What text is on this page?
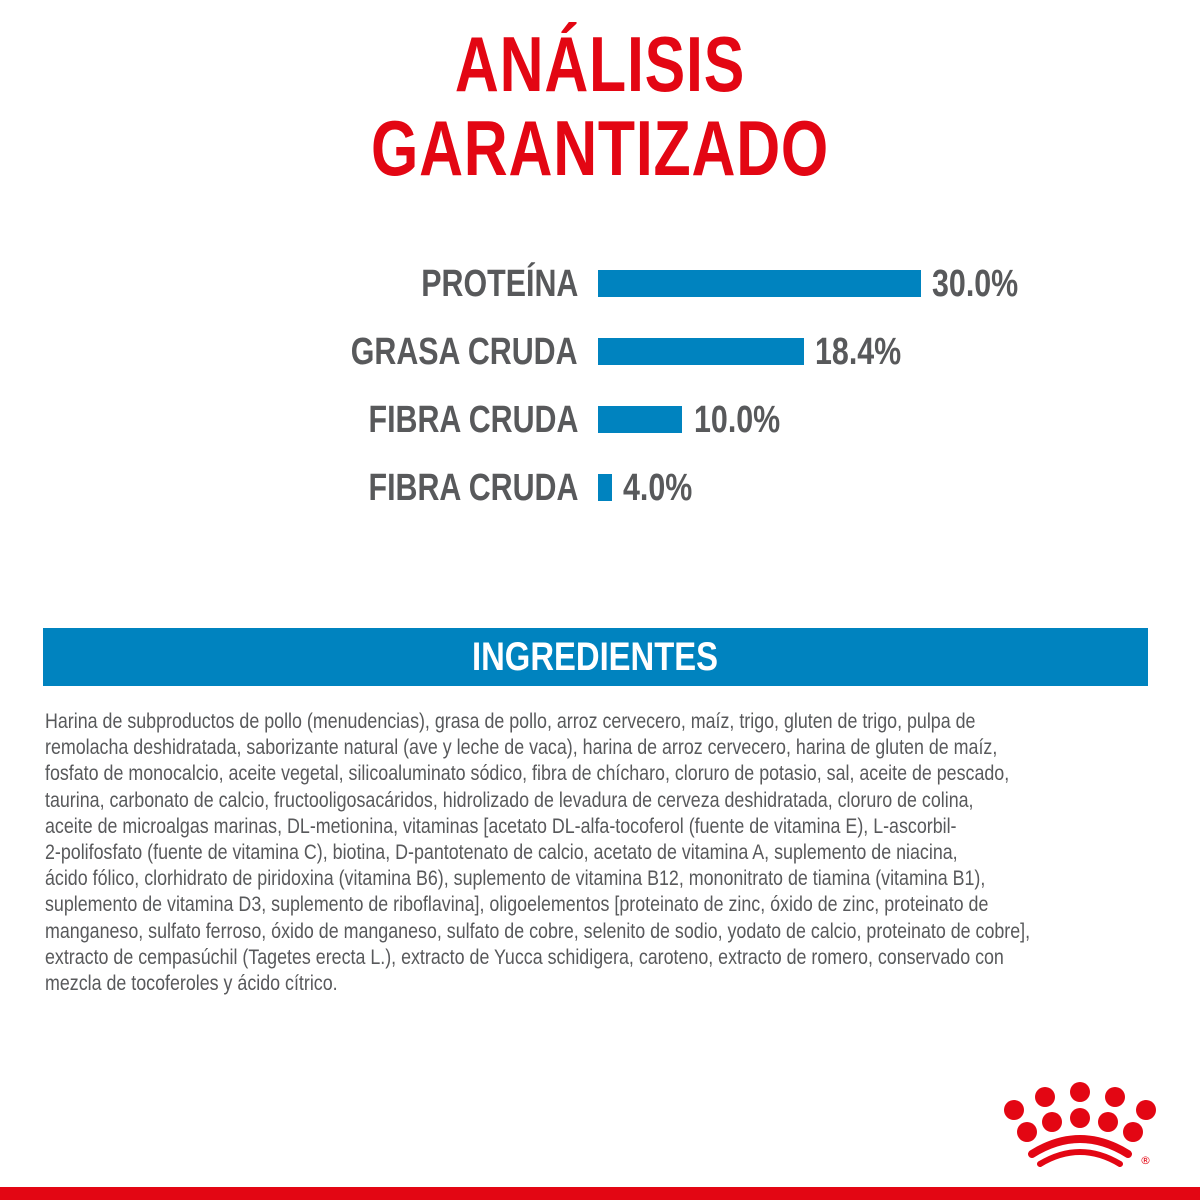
ANÁLISIS
GARANTIZADO
PROTEÍNA	30.0%
GRASA CRUDA	18.4%
FIBRA CRUDA	10.0%
FIBRA CRUDA 4.0%
INGREDIENTES
Harina de subproductos de pollo (menudencias), grasa de pollo, arroz cervecero, maíz, trigo, gluten de trigo, pulpa de
remolacha deshidratada, saborizante natural (ave y leche de vaca), harina de arroz cervecero, harina de gluten de maíz,
fosfato de monocalcio, aceite vegetal, silicoaluminato sódico, fibra de chícharo, cloruro de potasio, sal, aceite de pescado,
taurina, carbonato de calcio, fructooligosacáridos, hidrolizado de levadura de cerveza deshidratada, cloruro de colina,
aceite de microalgas marinas, DL-metionina, vitaminas [acetato DL-alfa-tocoferol (fuente de vitamina E), L-ascorbil-
2-polifosfato (fuente de vitamina C), biotina, D-pantotenato de calcio, acetato de vitamina A, suplemento de niacina,
ácido fólico, clorhidrato de piridoxina (vitamina B6), suplemento de vitamina B12, mononitrato de tiamina (vitamina B1),
suplemento de vitamina D3, suplemento de riboflavina], oligoelementos [proteinato de zinc, óxido de zinc, proteinato de
manganeso, sulfato ferroso, óxido de manganeso, sulfato de cobre, selenito de sodio, yodato de calcio, proteinato de cobre],
extracto de cempasúchil (Tagetes erecta L.), extracto de Yucca schidigera, caroteno, extracto de romero, conservado con
mezcla de tocoferoles y ácido cítrico.
®
